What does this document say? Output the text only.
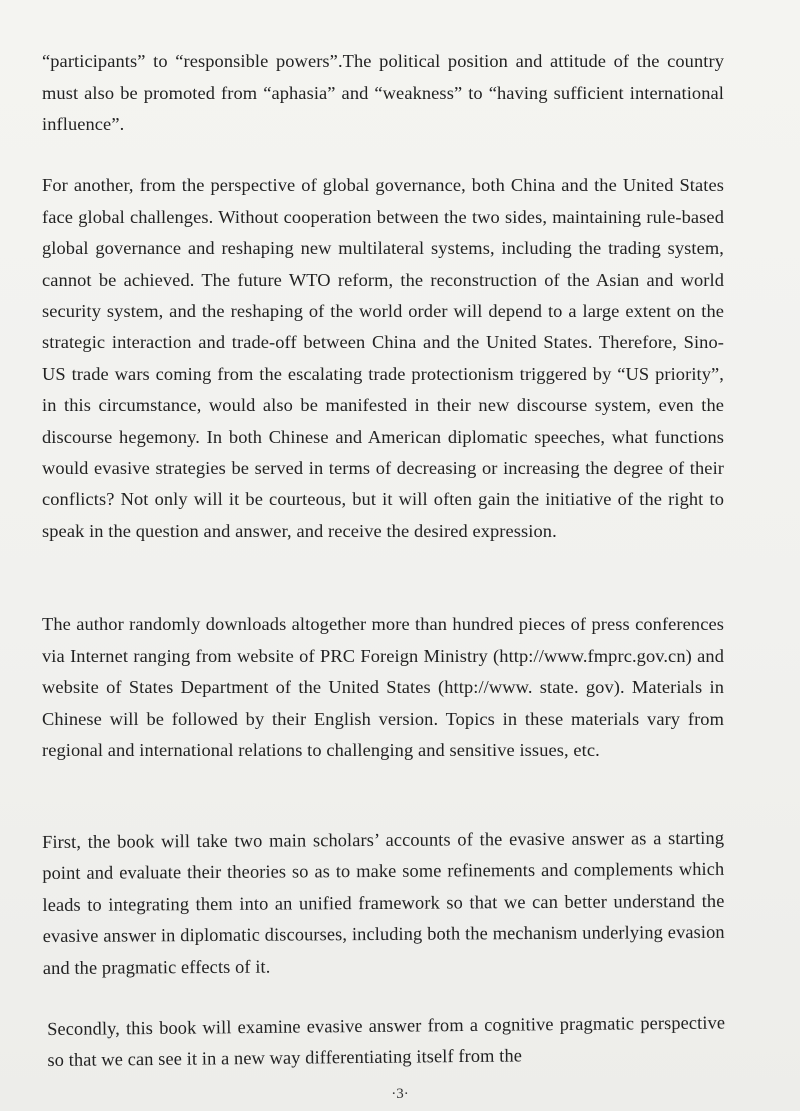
“participants” to “responsible powers”.The political position and attitude of the country must also be promoted from “aphasia” and “weakness” to “having sufficient international influence”.

For another, from the perspective of global governance, both China and the United States face global challenges. Without cooperation between the two sides, maintaining rule-based global governance and reshaping new multilateral systems, including the trading system, cannot be achieved. The future WTO reform, the reconstruction of the Asian and world security system, and the reshaping of the world order will depend to a large extent on the strategic interaction and trade-off between China and the United States. Therefore, Sino-US trade wars coming from the escalating trade protectionism triggered by “US priority”, in this circumstance, would also be manifested in their new discourse system, even the discourse hegemony. In both Chinese and American diplomatic speeches, what functions would evasive strategies be served in terms of decreasing or increasing the degree of their conflicts? Not only will it be courteous, but it will often gain the initiative of the right to speak in the question and answer, and receive the desired expression.

The author randomly downloads altogether more than hundred pieces of press conferences via Internet ranging from website of PRC Foreign Ministry (http://www.fmprc.gov.cn) and website of States Department of the United States (http://www. state. gov). Materials in Chinese will be followed by their English version. Topics in these materials vary from regional and international relations to challenging and sensitive issues, etc.

First, the book will take two main scholars’ accounts of the evasive answer as a starting point and evaluate their theories so as to make some refinements and complements which leads to integrating them into an unified framework so that we can better understand the evasive answer in diplomatic discourses, including both the mechanism underlying evasion and the pragmatic effects of it.

Secondly, this book will examine evasive answer from a cognitive pragmatic perspective so that we can see it in a new way differentiating itself from the

·3·
